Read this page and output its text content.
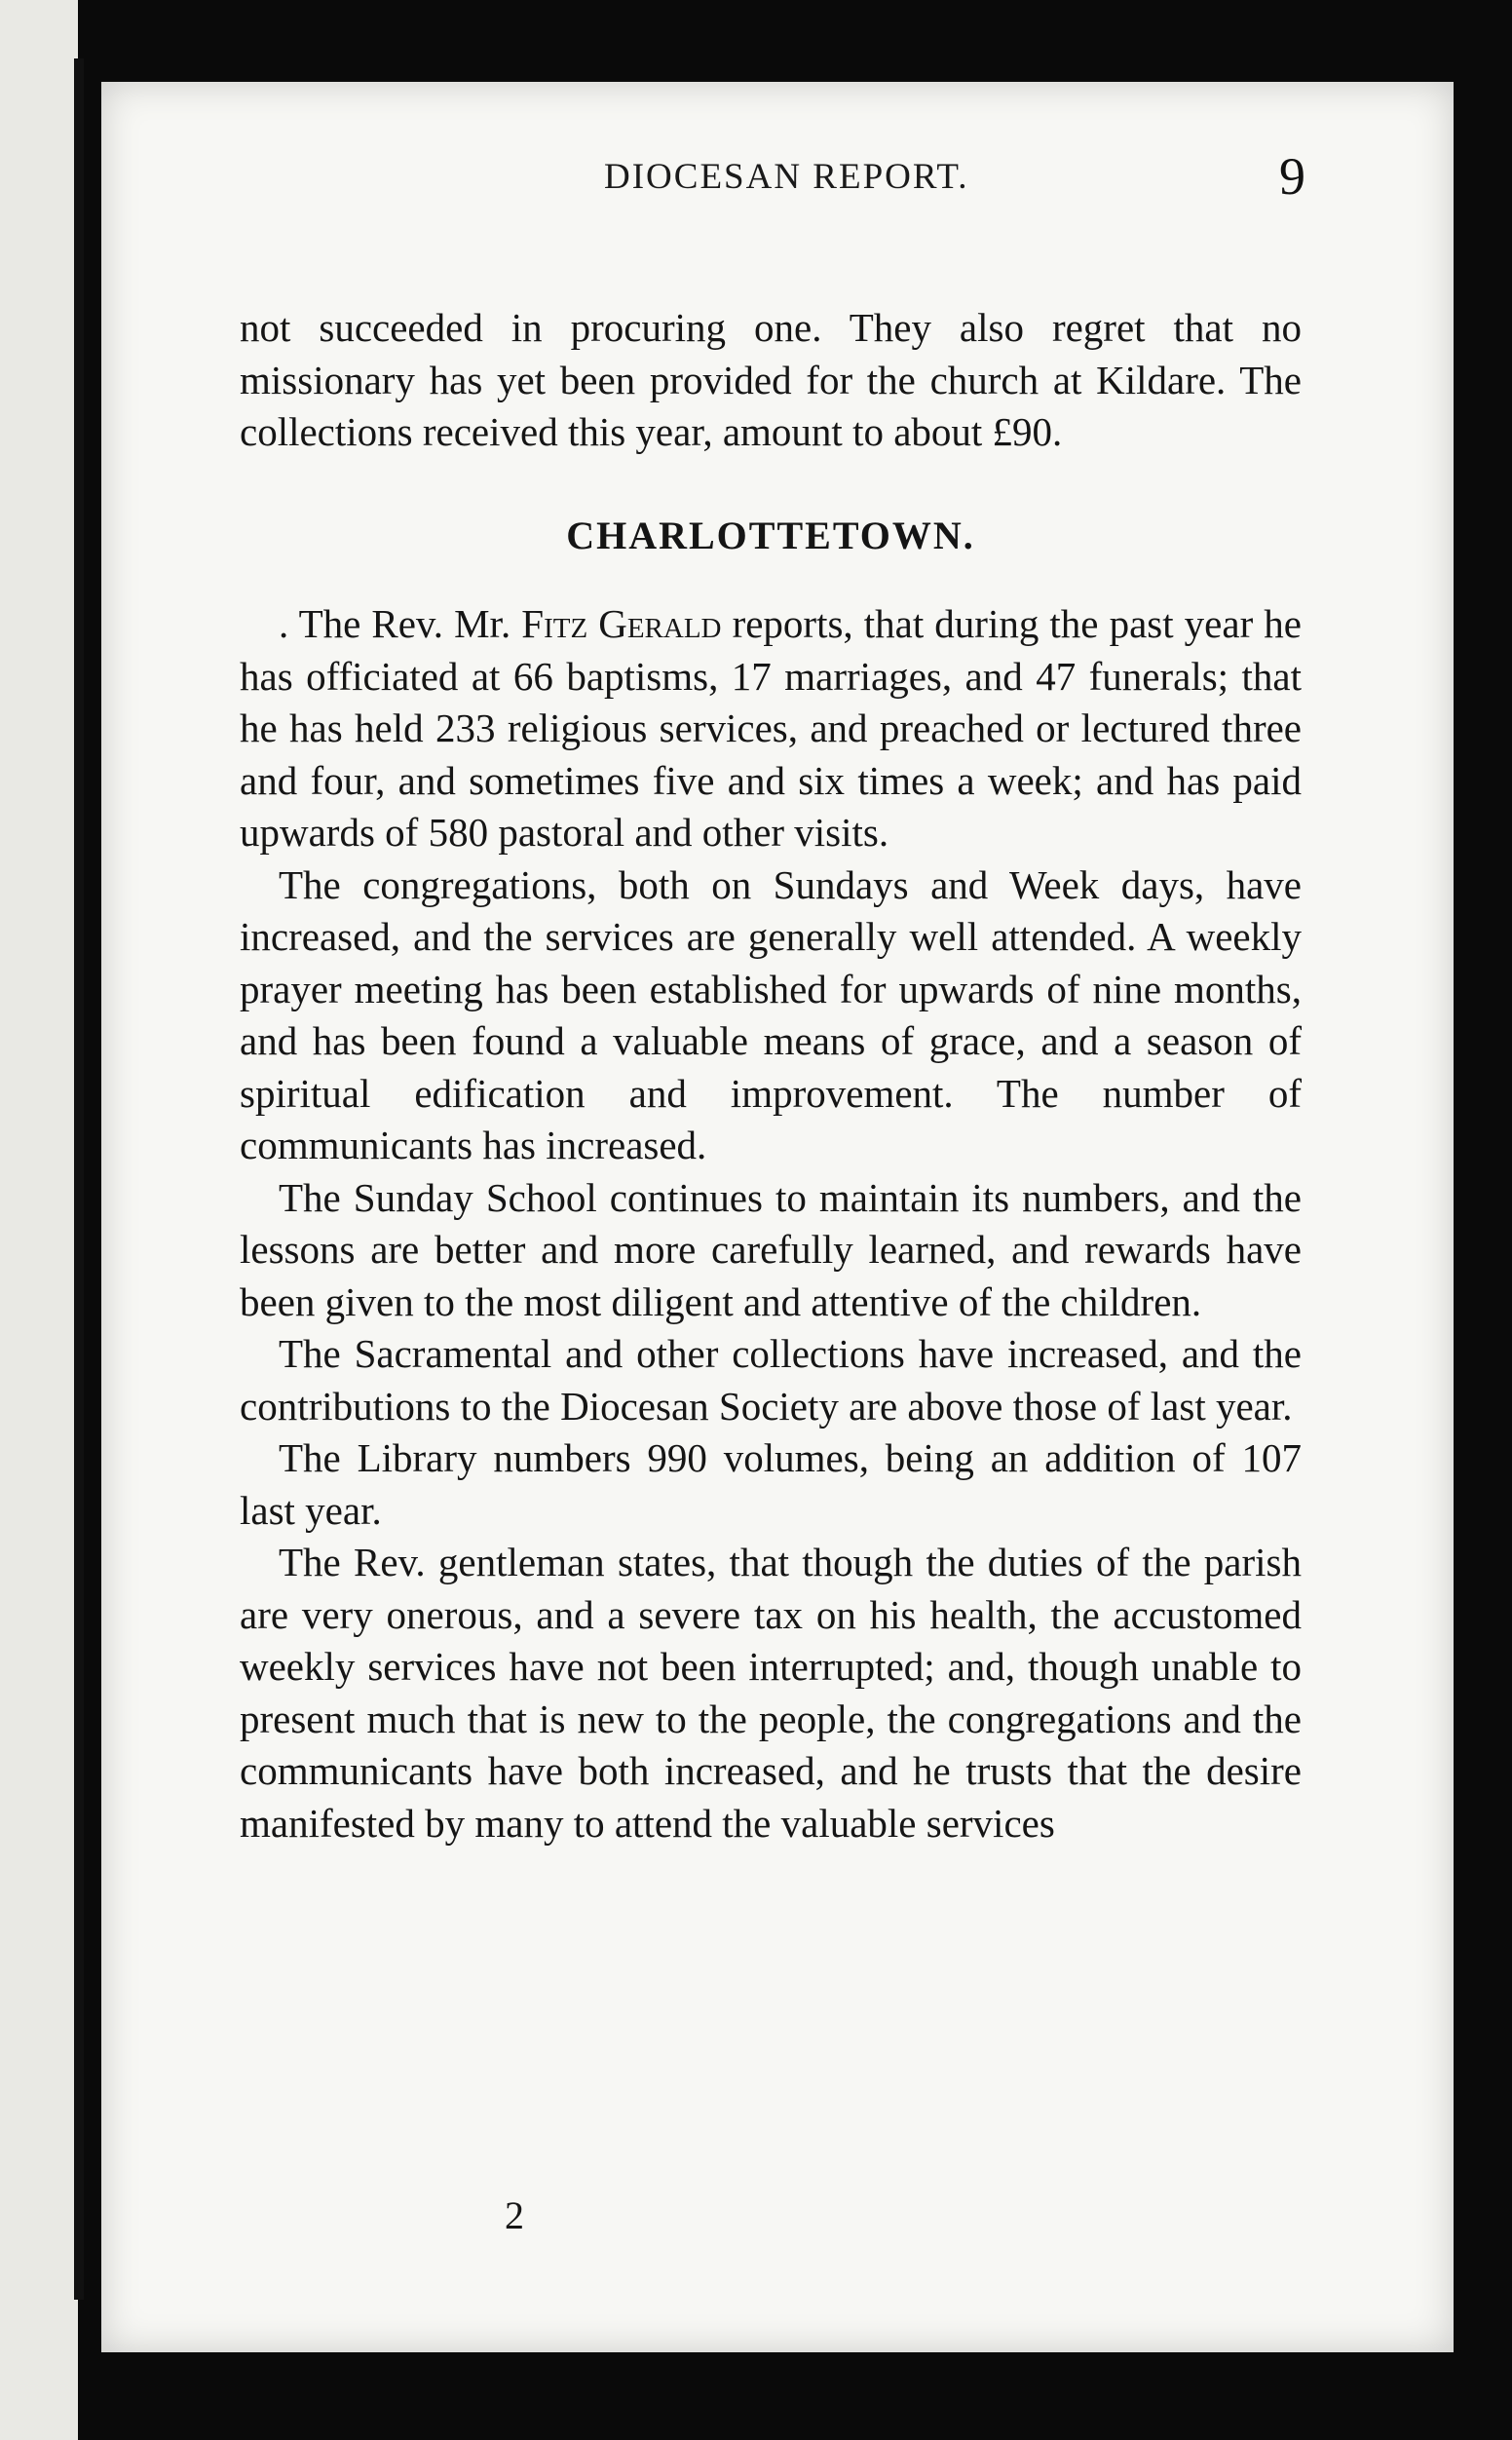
DIOCESAN REPORT.	9

not succeeded in procuring one. They also regret that no missionary has yet been provided for the church at Kildare. The collections received this year, amount to about £90.

CHARLOTTETOWN.

. The Rev. Mr. Fitz Gerald reports, that during the past year he has officiated at 66 baptisms, 17 marriages, and 47 funerals; that he has held 233 religious services, and preached or lectured three and four, and sometimes five and six times a week; and has paid upwards of 580 pastoral and other visits.

The congregations, both on Sundays and Week days, have increased, and the services are generally well attended. A weekly prayer meeting has been established for upwards of nine months, and has been found a valuable means of grace, and a season of spiritual edification and improvement. The number of communicants has increased.

The Sunday School continues to maintain its numbers, and the lessons are better and more carefully learned, and rewards have been given to the most diligent and attentive of the children.

The Sacramental and other collections have increased, and the contributions to the Diocesan Society are above those of last year.

The Library numbers 990 volumes, being an addition of 107 last year.

The Rev. gentleman states, that though the duties of the parish are very onerous, and a severe tax on his health, the accustomed weekly services have not been interrupted; and, though unable to present much that is new to the people, the congregations and the communicants have both increased, and he trusts that the desire manifested by many to attend the valuable services

2
